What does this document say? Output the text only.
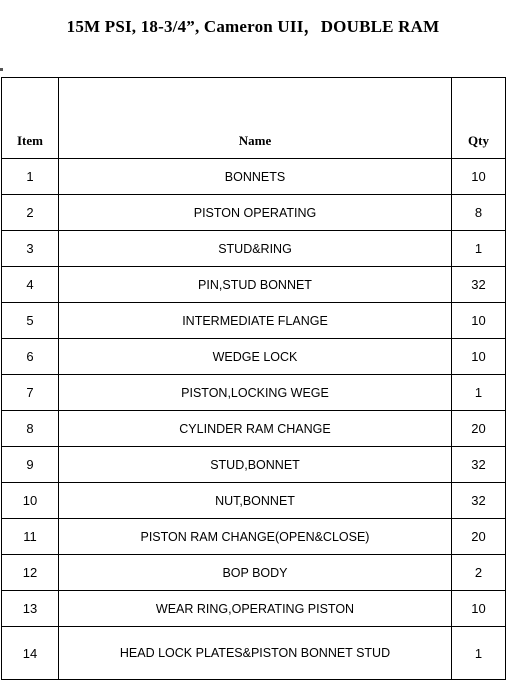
15M PSI, 18-3/4”, Cameron UII，DOUBLE RAM
Item	Name	Qty
1	BONNETS	10
2	PISTON OPERATING	8
3	STUD&RING	1
4	PIN,STUD BONNET	32
5	INTERMEDIATE FLANGE	10
6	WEDGE LOCK	10
7	PISTON,LOCKING WEGE	1
8	CYLINDER RAM CHANGE	20
9	STUD,BONNET	32
10	NUT,BONNET	32
11	PISTON RAM CHANGE(OPEN&CLOSE)	20
12	BOP BODY	2
13	WEAR RING,OPERATING PISTON	10
14	HEAD LOCK PLATES&PISTON BONNET STUD	1
